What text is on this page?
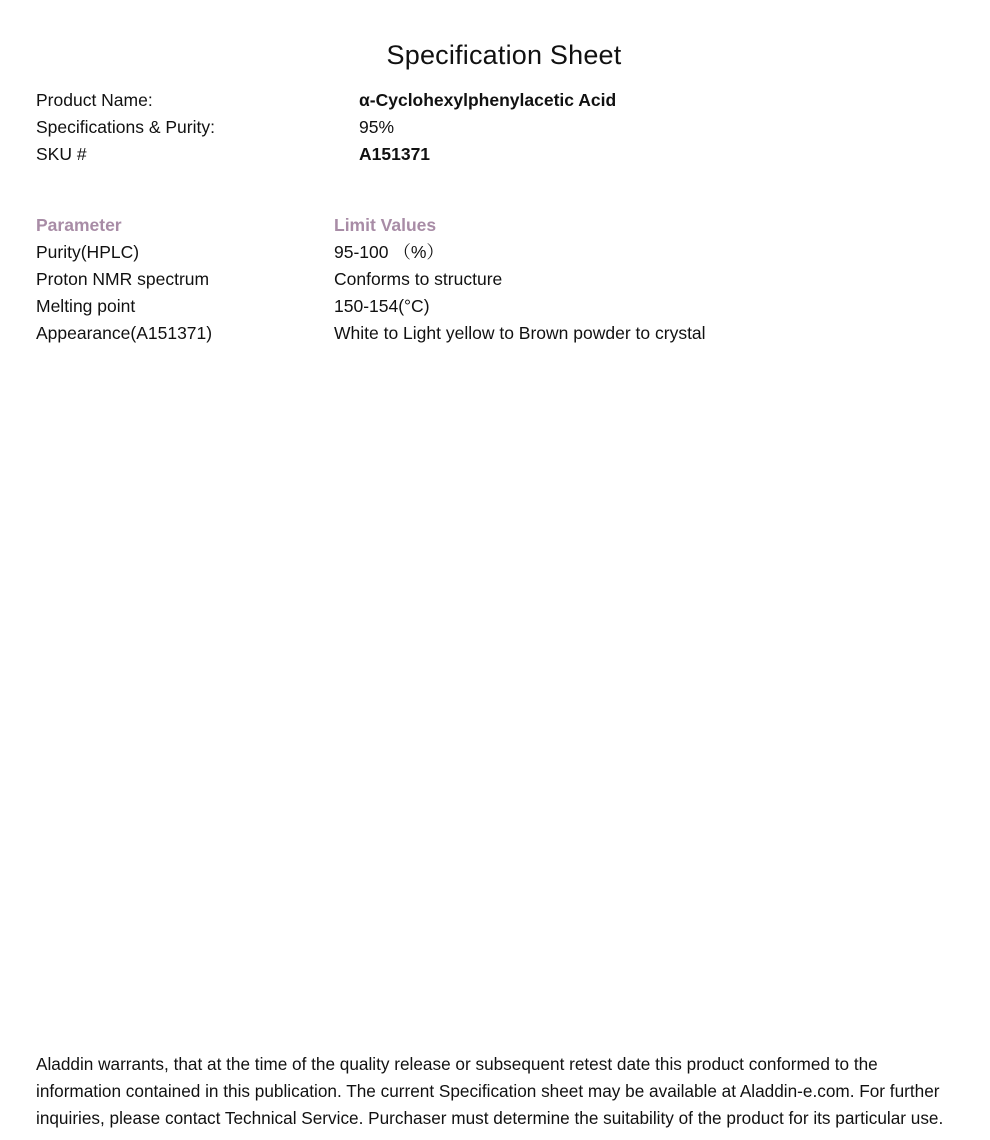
Specification Sheet
Product Name:	α-Cyclohexylphenylacetic Acid
Specifications & Purity:	95%
SKU #	A151371
Parameter	Limit Values
Purity(HPLC)	95-100 （%）
Proton NMR spectrum	Conforms to structure
Melting point	150-154(°C)
Appearance(A151371)	White to Light yellow to Brown powder to crystal
Aladdin warrants, that at the time of the quality release or subsequent retest date this product conformed to the
information contained in this publication. The current Specification sheet may be available at Aladdin-e.com. For further
inquiries, please contact Technical Service. Purchaser must determine the suitability of the product for its particular use.
